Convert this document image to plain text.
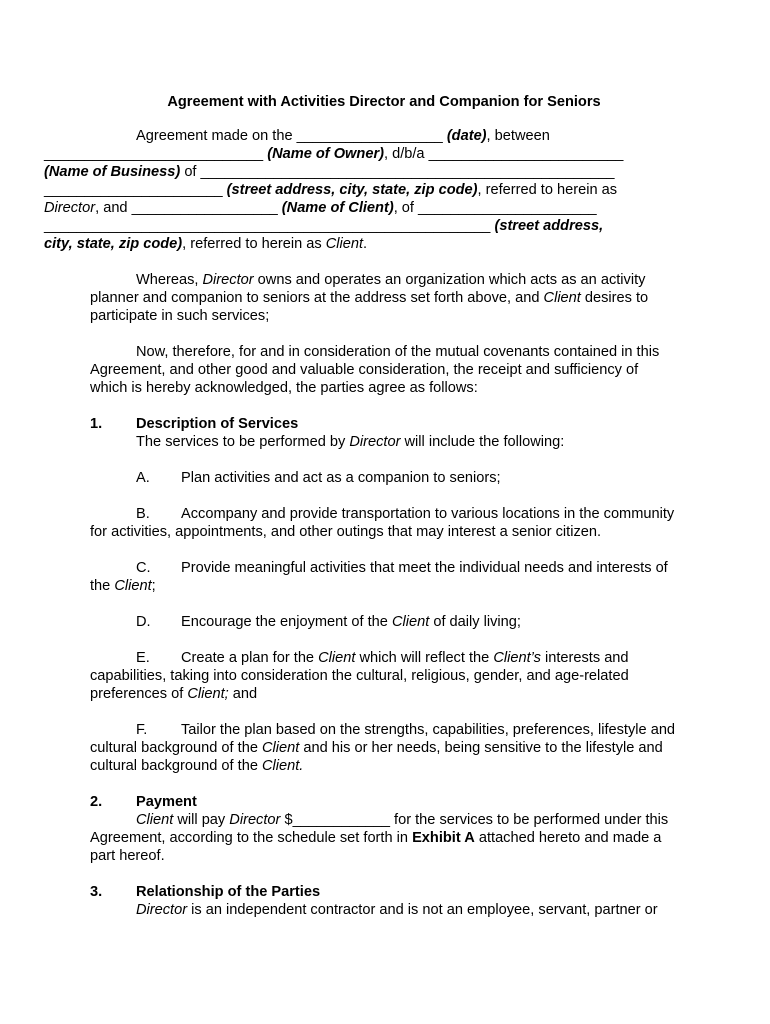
Agreement with Activities Director and Companion for Seniors

Agreement made on the __________________ (date), between
___________________________ (Name of Owner), d/b/a ________________________
(Name of Business) of ___________________________________________________
______________________ (street address, city, state, zip code), referred to herein as
Director, and __________________ (Name of Client), of ______________________
_______________________________________________________ (street address,
city, state, zip code), referred to herein as Client.

Whereas, Director owns and operates an organization which acts as an activity planner and companion to seniors at the address set forth above, and Client desires to participate in such services;

Now, therefore, for and in consideration of the mutual covenants contained in this Agreement, and other good and valuable consideration, the receipt and sufficiency of which is hereby acknowledged, the parties agree as follows:

1.	Description of Services

The services to be performed by Director will include the following:

A. Plan activities and act as a companion to seniors;

B. Accompany and provide transportation to various locations in the community for activities, appointments, and other outings that may interest a senior citizen.

C. Provide meaningful activities that meet the individual needs and interests of the Client;

D. Encourage the enjoyment of the Client of daily living;

E. Create a plan for the Client which will reflect the Client’s interests and capabilities, taking into consideration the cultural, religious, gender, and age-related preferences of Client; and

F. Tailor the plan based on the strengths, capabilities, preferences, lifestyle and cultural background of the Client and his or her needs, being sensitive to the lifestyle and cultural background of the Client.

2.	Payment

Client will pay Director $____________ for the services to be performed under this Agreement, according to the schedule set forth in Exhibit A attached hereto and made a part hereof.

3.	Relationship of the Parties

Director is an independent contractor and is not an employee, servant, partner or
